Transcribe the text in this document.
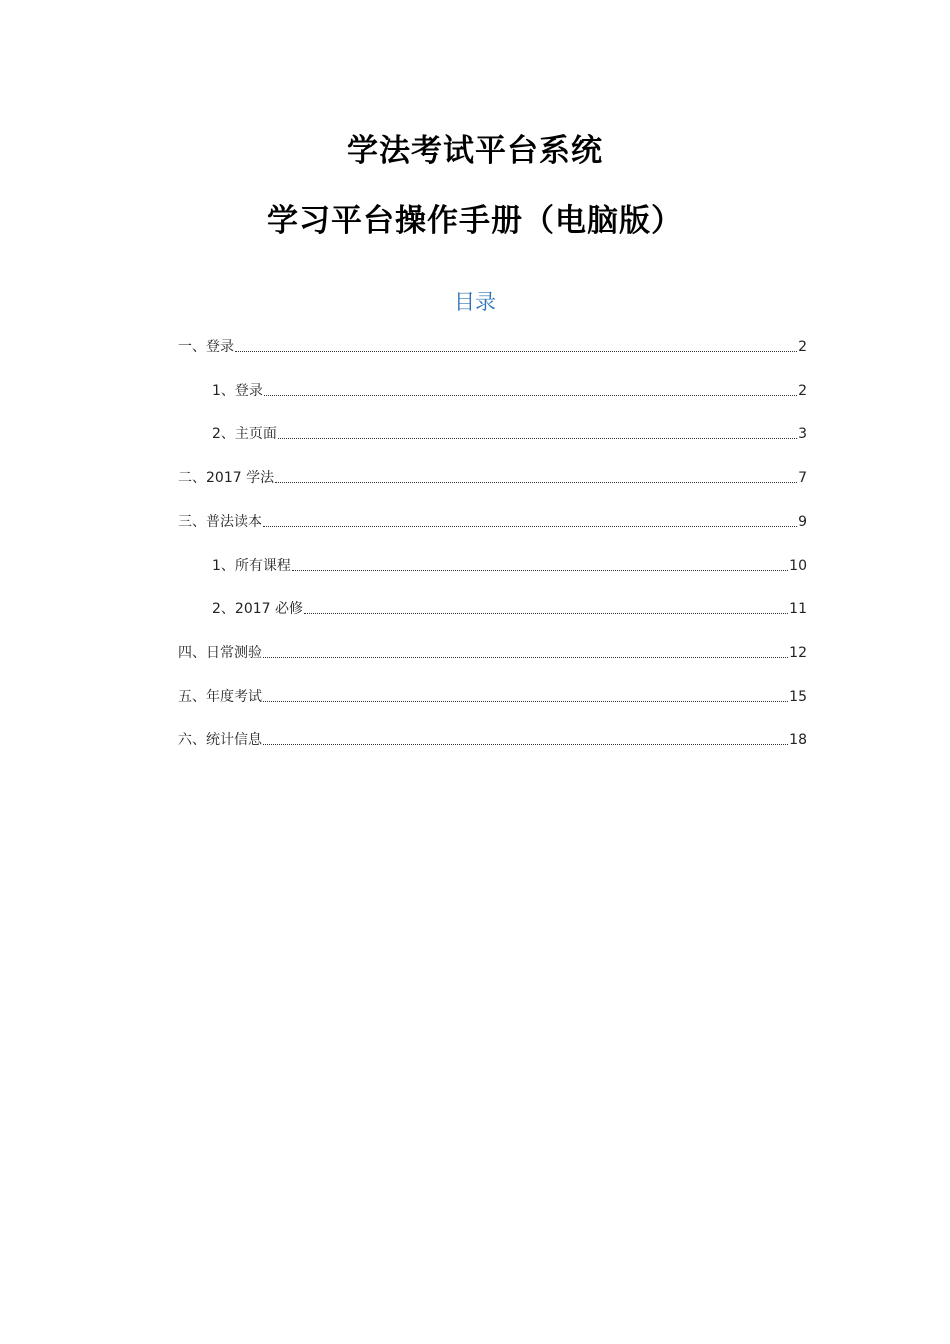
学法考试平台系统
学习平台操作手册（电脑版）
目录
一、登录	2
1、登录	2
2、主页面	3
二、2017 学法	7
三、普法读本	9
1、所有课程	10
2、2017 必修	11
四、日常测验	12
五、年度考试	15
六、统计信息	18
